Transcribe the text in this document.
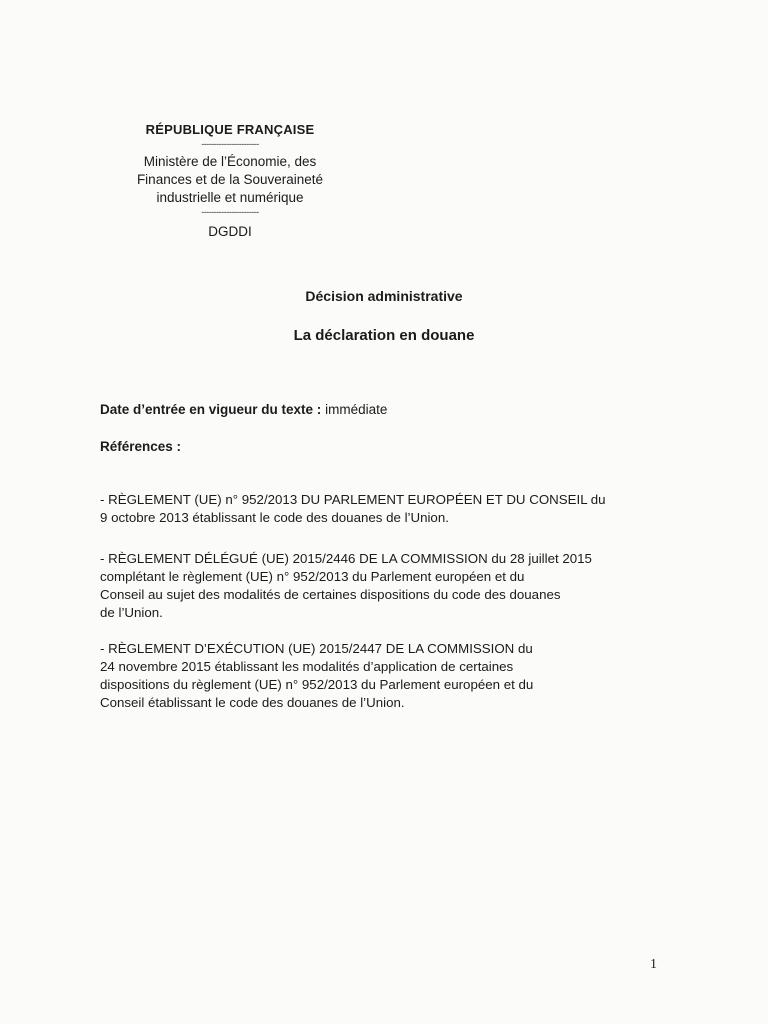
RÉPUBLIQUE FRANÇAISE
-----------------------
Ministère de l’Économie, des
Finances et de la Souveraineté
industrielle et numérique
-----------------------
DGDDI
Décision administrative
La déclaration en douane
Date d’entrée en vigueur du texte : immédiate
Références :
- RÈGLEMENT (UE) n° 952/2013 DU PARLEMENT EUROPÉEN ET DU CONSEIL du
9 octobre 2013 établissant le code des douanes de l’Union.
- RÈGLEMENT DÉLÉGUÉ (UE) 2015/2446 DE LA COMMISSION du 28 juillet 2015
complétant le règlement (UE) n° 952/2013 du Parlement européen et du
Conseil au sujet des modalités de certaines dispositions du code des douanes
de l’Union.
- RÈGLEMENT D’EXÉCUTION (UE) 2015/2447 DE LA COMMISSION du
24 novembre 2015 établissant les modalités d’application de certaines
dispositions du règlement (UE) n° 952/2013 du Parlement européen et du
Conseil établissant le code des douanes de l’Union.
1
